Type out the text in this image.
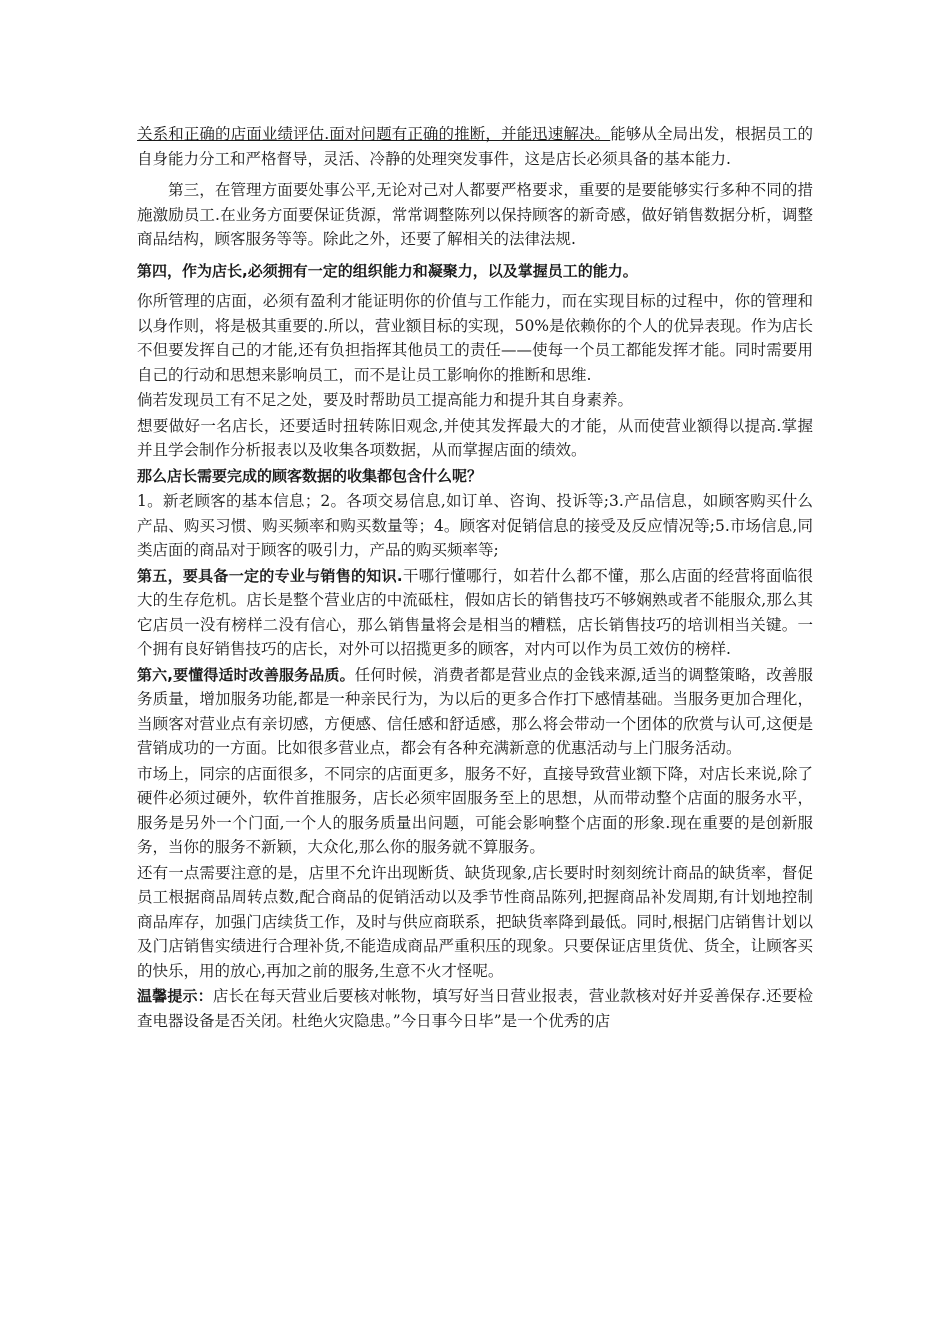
关系和正确的店面业绩评估.面对问题有正确的推断，并能迅速解决。能够从全局出发，根据员工的自身能力分工和严格督导，灵活、冷静的处理突发事件，这是店长必须具备的基本能力.

第三，在管理方面要处事公平,无论对己对人都要严格要求，重要的是要能够实行多种不同的措施激励员工.在业务方面要保证货源，常常调整陈列以保持顾客的新奇感，做好销售数据分析，调整商品结构，顾客服务等等。除此之外，还要了解相关的法律法规.

第四，作为店长,必须拥有一定的组织能力和凝聚力，以及掌握员工的能力。

你所管理的店面，必须有盈利才能证明你的价值与工作能力，而在实现目标的过程中，你的管理和以身作则，将是极其重要的.所以，营业额目标的实现，50%是依赖你的个人的优异表现。作为店长不但要发挥自己的才能,还有负担指挥其他员工的责任——使每一个员工都能发挥才能。同时需要用自己的行动和思想来影响员工，而不是让员工影响你的推断和思维.

倘若发现员工有不足之处，要及时帮助员工提高能力和提升其自身素养。

想要做好一名店长，还要适时扭转陈旧观念,并使其发挥最大的才能，从而使营业额得以提高.掌握并且学会制作分析报表以及收集各项数据，从而掌握店面的绩效。

那么店长需要完成的顾客数据的收集都包含什么呢？

1。新老顾客的基本信息；2。各项交易信息,如订单、咨询、投诉等;3.产品信息，如顾客购买什么产品、购买习惯、购买频率和购买数量等；4。顾客对促销信息的接受及反应情况等;5.市场信息,同类店面的商品对于顾客的吸引力，产品的购买频率等;

第五，要具备一定的专业与销售的知识.干哪行懂哪行，如若什么都不懂，那么店面的经营将面临很大的生存危机。店长是整个营业店的中流砥柱，假如店长的销售技巧不够娴熟或者不能服众,那么其它店员一没有榜样二没有信心，那么销售量将会是相当的糟糕，店长销售技巧的培训相当关键。一个拥有良好销售技巧的店长，对外可以招揽更多的顾客，对内可以作为员工效仿的榜样.

第六,要懂得适时改善服务品质。任何时候，消费者都是营业点的金钱来源,适当的调整策略，改善服务质量，增加服务功能,都是一种亲民行为，为以后的更多合作打下感情基础。当服务更加合理化，当顾客对营业点有亲切感，方便感、信任感和舒适感，那么将会带动一个团体的欣赏与认可,这便是营销成功的一方面。比如很多营业点，都会有各种充满新意的优惠活动与上门服务活动。

市场上，同宗的店面很多，不同宗的店面更多，服务不好，直接导致营业额下降，对店长来说,除了硬件必须过硬外，软件首推服务，店长必须牢固服务至上的思想，从而带动整个店面的服务水平，服务是另外一个门面,一个人的服务质量出问题，可能会影响整个店面的形象.现在重要的是创新服务，当你的服务不新颖，大众化,那么你的服务就不算服务。

还有一点需要注意的是，店里不允许出现断货、缺货现象,店长要时时刻刻统计商品的缺货率，督促员工根据商品周转点数,配合商品的促销活动以及季节性商品陈列,把握商品补发周期,有计划地控制商品库存，加强门店续货工作，及时与供应商联系，把缺货率降到最低。同时,根据门店销售计划以及门店销售实绩进行合理补货,不能造成商品严重积压的现象。只要保证店里货优、货全，让顾客买的快乐，用的放心,再加之前的服务,生意不火才怪呢。

温馨提示：店长在每天营业后要核对帐物，填写好当日营业报表，营业款核对好并妥善保存.还要检查电器设备是否关闭。杜绝火灾隐患。”今日事今日毕”是一个优秀的店
